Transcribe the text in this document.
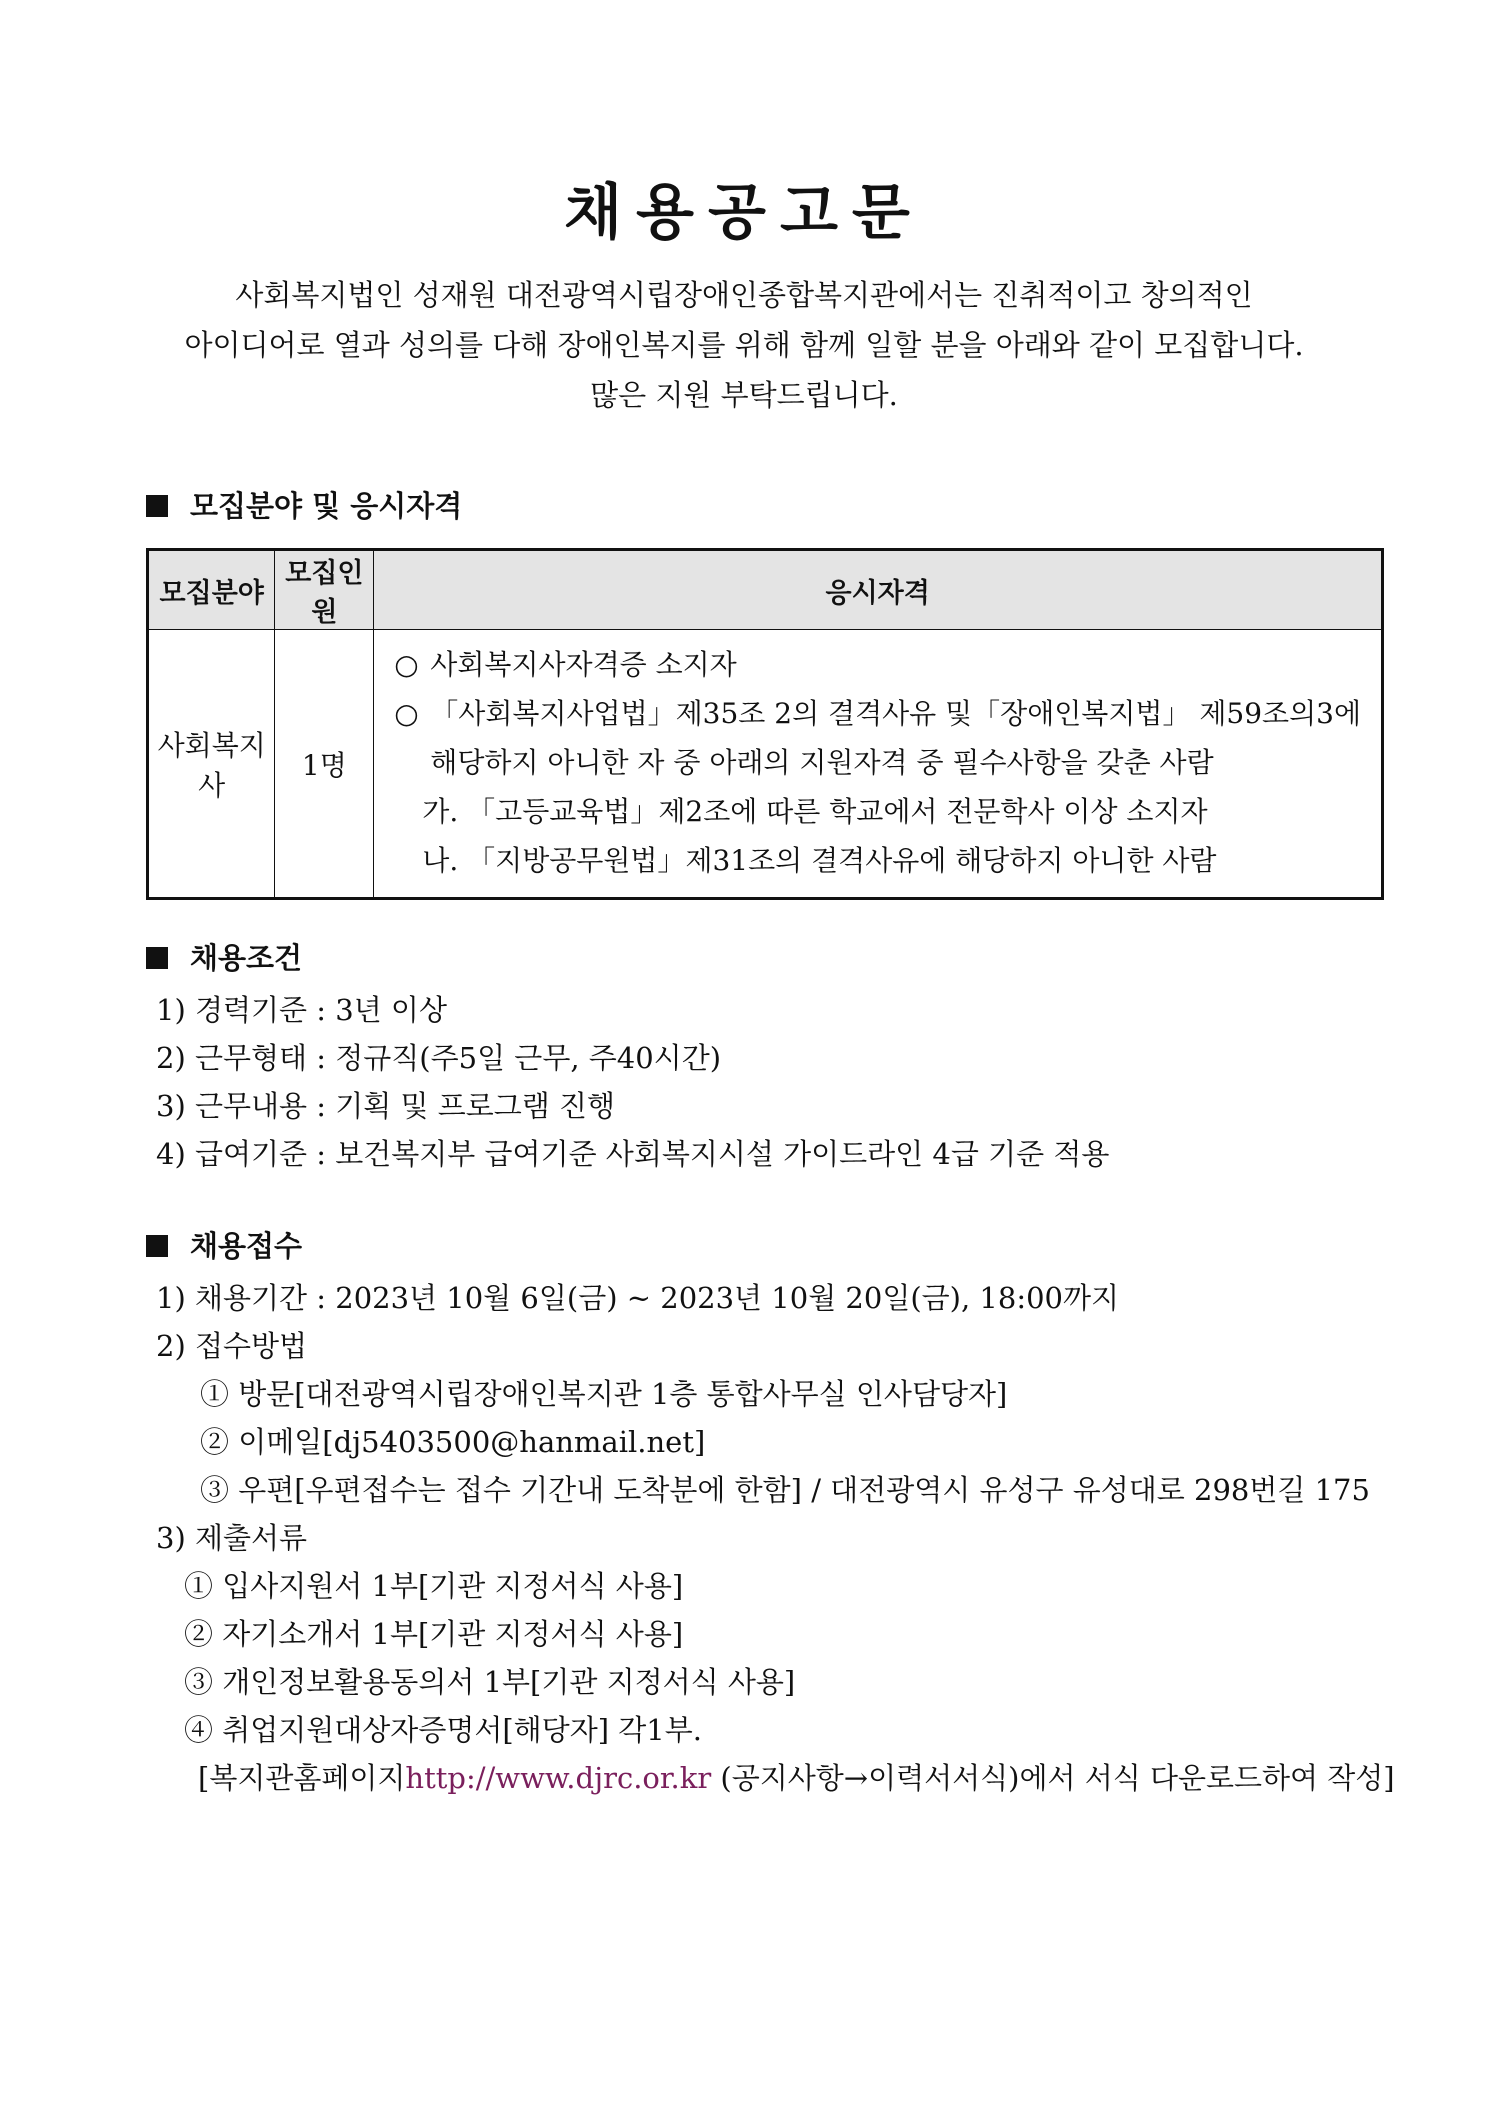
채용공고문
사회복지법인 성재원 대전광역시립장애인종합복지관에서는 진취적이고 창의적인
아이디어로 열과 성의를 다해 장애인복지를 위해 함께 일할 분을 아래와 같이 모집합니다.
많은 지원 부탁드립니다.
모집분야 및 응시자격
모집분야	모집인원	응시자격
사회복지사	1명	○ 사회복지사자격증 소지자
○ 「사회복지사업법」제35조 2의 결격사유 및「장애인복지법」 제59조의3에
해당하지 아니한 자 중 아래의 지원자격 중 필수사항을 갖춘 사람
가. 「고등교육법」제2조에 따른 학교에서 전문학사 이상 소지자
나. 「지방공무원법」제31조의 결격사유에 해당하지 아니한 사람
채용조건
1) 경력기준 : 3년 이상
2) 근무형태 : 정규직(주5일 근무, 주40시간)
3) 근무내용 : 기획 및 프로그램 진행
4) 급여기준 : 보건복지부 급여기준 사회복지시설 가이드라인 4급 기준 적용
채용접수
1) 채용기간 : 2023년 10월 6일(금) ~ 2023년 10월 20일(금), 18:00까지
2) 접수방법
① 방문[대전광역시립장애인복지관 1층 통합사무실 인사담당자]
② 이메일[dj5403500@hanmail.net]
③ 우편[우편접수는 접수 기간내 도착분에 한함] / 대전광역시 유성구 유성대로 298번길 175
3) 제출서류
① 입사지원서 1부[기관 지정서식 사용]
② 자기소개서 1부[기관 지정서식 사용]
③ 개인정보활용동의서 1부[기관 지정서식 사용]
④ 취업지원대상자증명서[해당자] 각1부.
[복지관홈페이지http://www.djrc.or.kr (공지사항→이력서서식)에서 서식 다운로드하여 작성]
